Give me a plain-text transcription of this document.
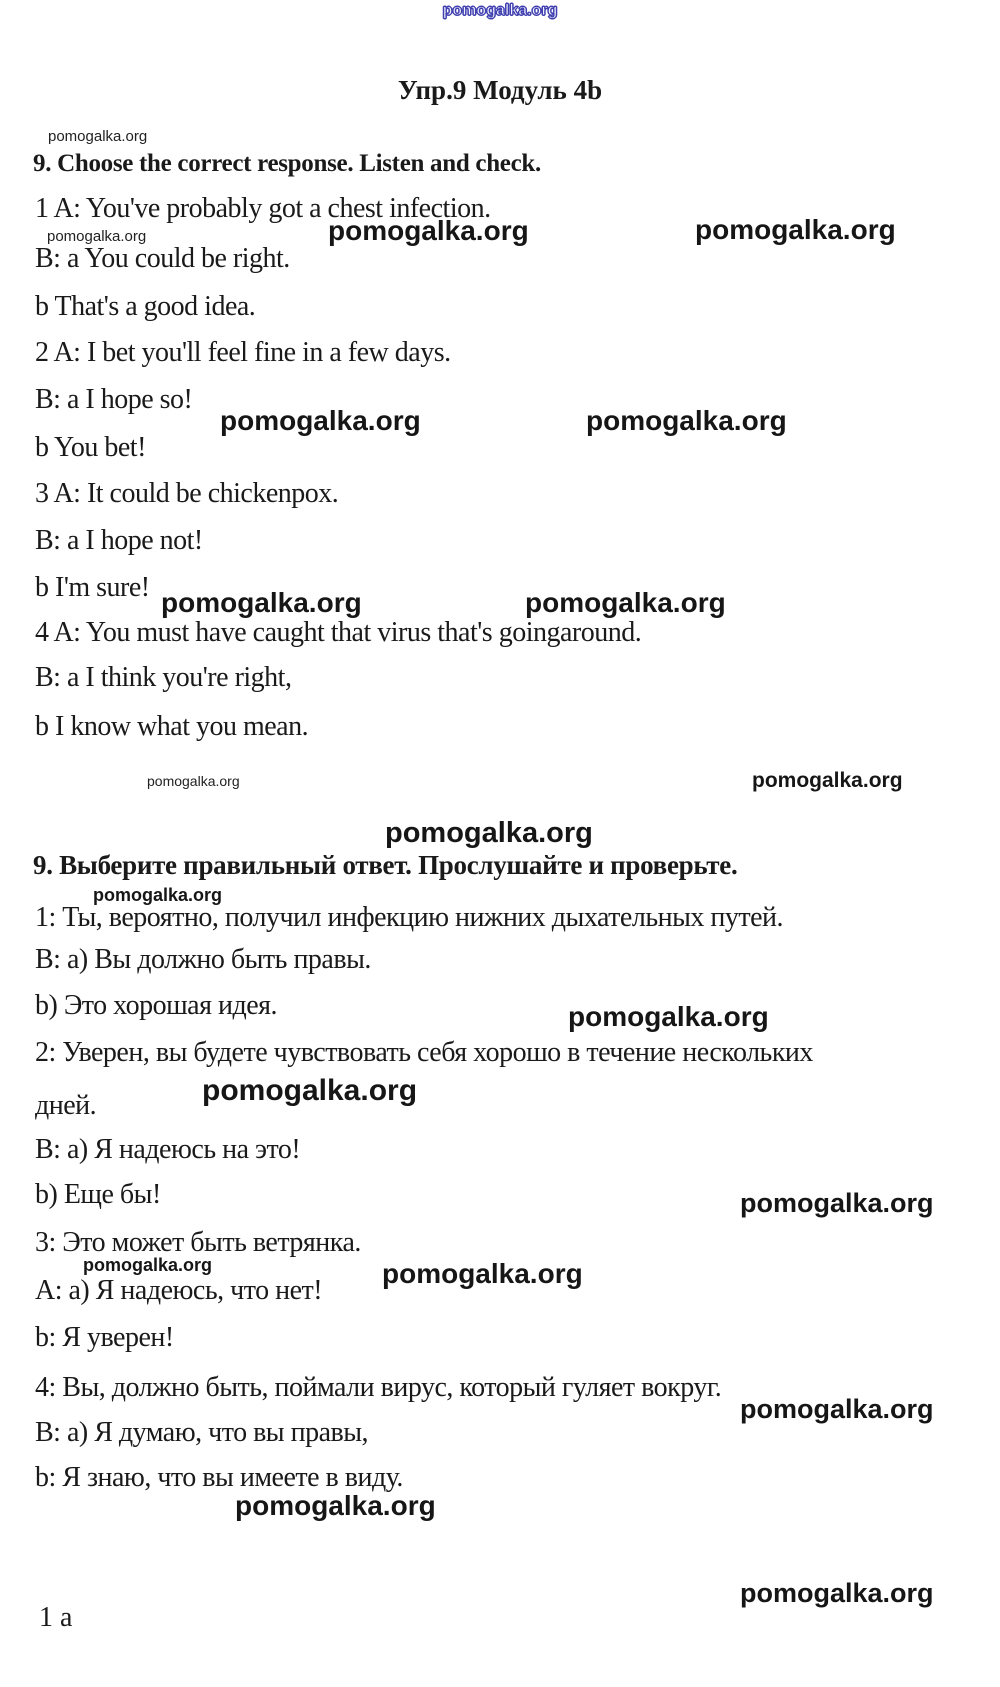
pomogalka.org
Упр.9 Модуль 4b
pomogalka.org
9. Choose the correct response. Listen and check.
1 A: You've probably got a chest infection.
B: a You could be right.
b That's a good idea.
2 A: I bet you'll feel fine in a few days.
B: a I hope so!
b You bet!
3 A: It could be chickenpox.
B: a I hope not!
b I'm sure!
4 A: You must have caught that virus that's goingaround.
B: a I think you're right,
b I know what you mean.
pomogalka.org	pomogalka.org	pomogalka.org
pomogalka.org	pomogalka.org
pomogalka.org	pomogalka.org
pomogalka.org	pomogalka.org
pomogalka.org
9. Выберите правильный ответ. Прослушайте и проверьте.
pomogalka.org
1: Ты, вероятно, получил инфекцию нижних дыхательных путей.
В: а) Вы должно быть правы.
b) Это хорошая идея.
2: Уверен, вы будете чувствовать себя хорошо в течение нескольких
дней.
В: а) Я надеюсь на это!
b) Еще бы!
3: Это может быть ветрянка.
А: а) Я надеюсь, что нет!
b: Я уверен!
4: Вы, должно быть, поймали вирус, который гуляет вокруг.
В: а) Я думаю, что вы правы,
b: Я знаю, что вы имеете в виду.
pomogalka.org
pomogalka.org
pomogalka.org
pomogalka.org	pomogalka.org
pomogalka.org
pomogalka.org
pomogalka.org
1 a
